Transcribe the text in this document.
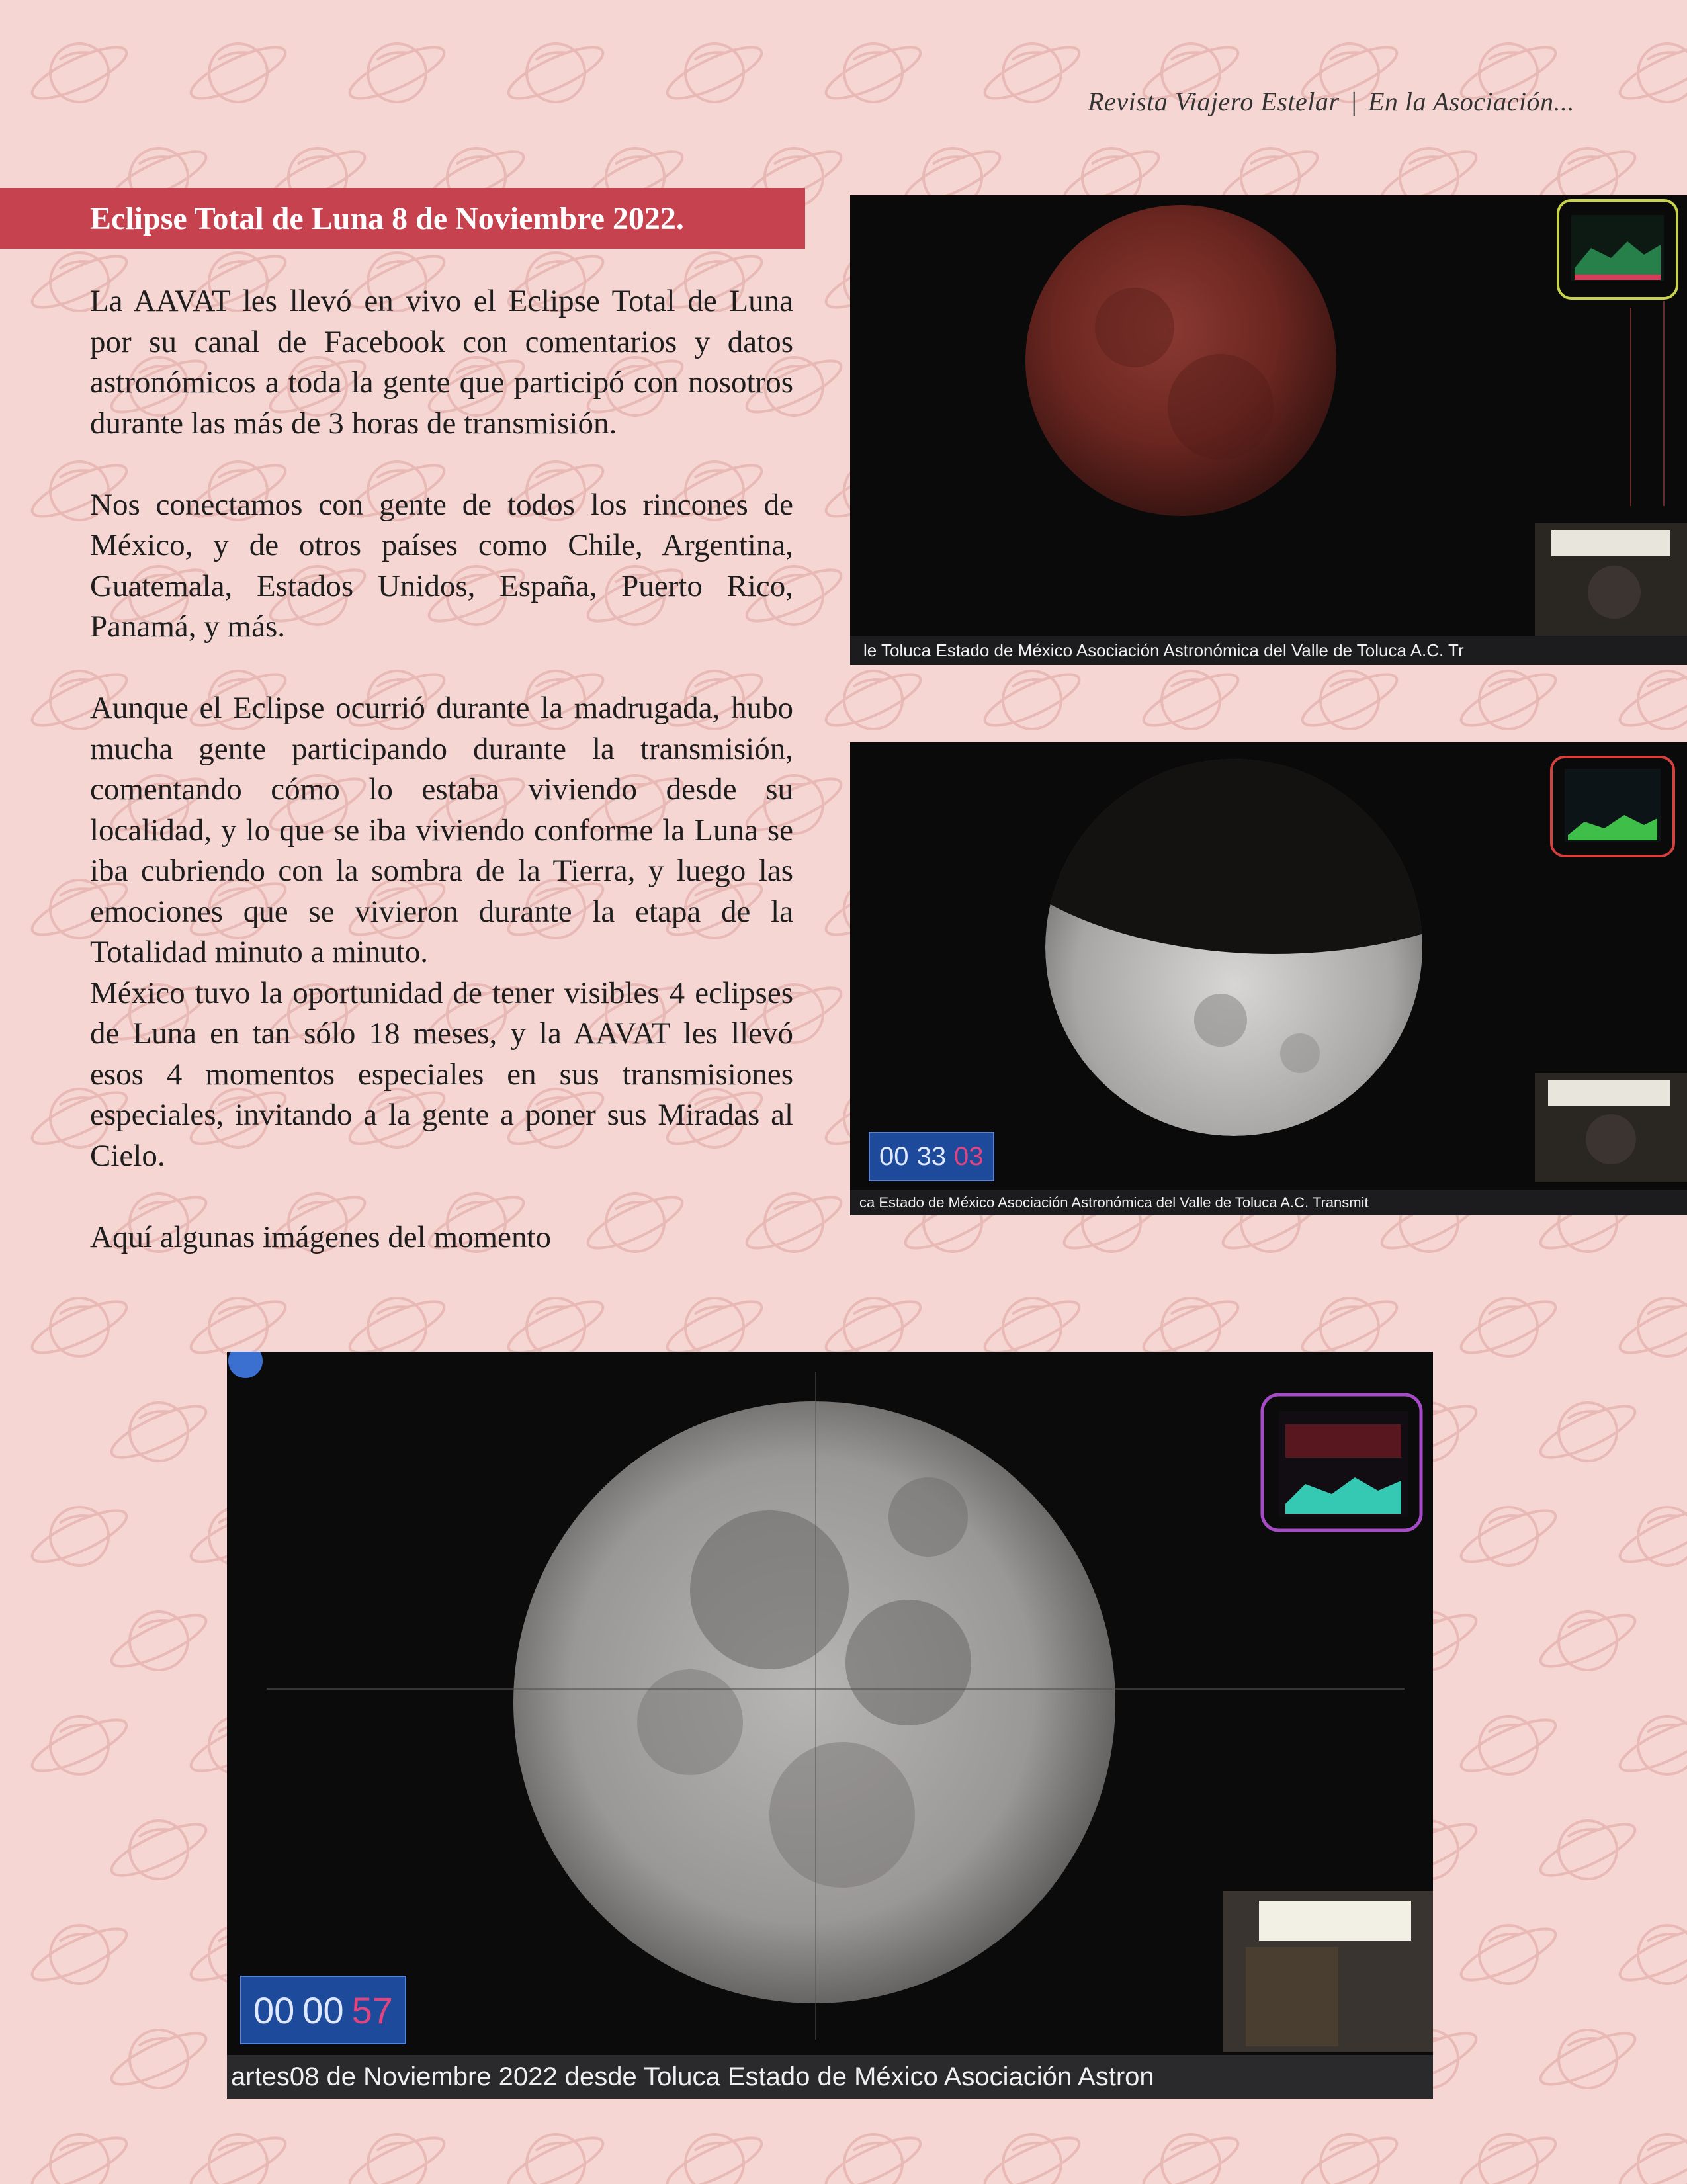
Revista Viajero Estelar | En la Asociación...
Eclipse Total de Luna 8 de Noviembre 2022.

La AAVAT les llevó en vivo el Eclipse Total de Luna por su canal de Facebook con comentarios y datos astronómicos a toda la gente que participó con nosotros durante las más de 3 horas de transmisión.

Nos conectamos con gente de todos los rincones de México, y de otros países como Chile, Argentina, Guatemala, Estados Unidos, España, Puerto Rico, Panamá, y más.

Aunque el Eclipse ocurrió durante la madrugada, hubo mucha gente participando durante la transmisión, comentando cómo lo estaba viviendo desde su localidad, y lo que se iba viviendo conforme la Luna se iba cubriendo con la sombra de la Tierra, y luego las emociones que se vivieron durante la etapa de la Totalidad minuto a minuto.

México tuvo la oportunidad de tener visibles 4 eclipses de Luna en tan sólo 18 meses, y la AAVAT les llevó esos 4 momentos especiales en sus transmisiones especiales, invitando a la gente a poner sus Miradas al Cielo.

Aquí algunas imágenes del momento

le Toluca Estado de México Asociación Astronómica del Valle de Toluca A.C. Tr
00 33 03
ca Estado de México Asociación Astronómica del Valle de Toluca A.C. Transmit
00 00 57
artes08 de Noviembre 2022 desde Toluca Estado de México Asociación Astron
